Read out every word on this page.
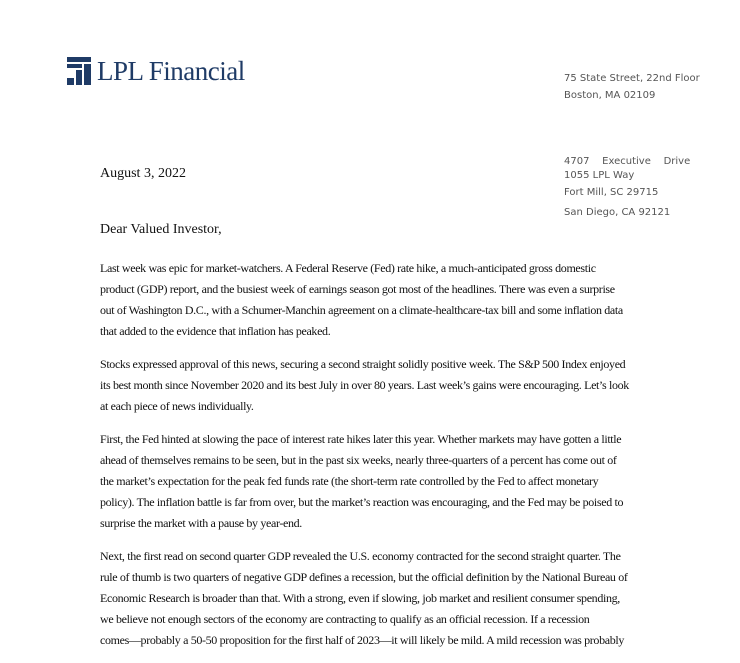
LPL Financial	75 State Street, 22nd Floor
Boston, MA 02109

4707    Executive    Drive

San Diego, CA 92121

1055 LPL Way
Fort Mill, SC 29715
August 3, 2022
Dear Valued Investor,
Last week was epic for market-watchers. A Federal Reserve (Fed) rate hike, a much-anticipated gross domestic
product (GDP) report, and the busiest week of earnings season got most of the headlines. There was even a surprise
out of Washington D.C., with a Schumer-Manchin agreement on a climate-healthcare-tax bill and some inflation data
that added to the evidence that inflation has peaked.
Stocks expressed approval of this news, securing a second straight solidly positive week. The S&P 500 Index enjoyed
its best month since November 2020 and its best July in over 80 years. Last week’s gains were encouraging. Let’s look
at each piece of news individually.
First, the Fed hinted at slowing the pace of interest rate hikes later this year. Whether markets may have gotten a little
ahead of themselves remains to be seen, but in the past six weeks, nearly three-quarters of a percent has come out of
the market’s expectation for the peak fed funds rate (the short-term rate controlled by the Fed to affect monetary
policy). The inflation battle is far from over, but the market’s reaction was encouraging, and the Fed may be poised to
surprise the market with a pause by year-end.
Next, the first read on second quarter GDP revealed the U.S. economy contracted for the second straight quarter. The
rule of thumb is two quarters of negative GDP defines a recession, but the official definition by the National Bureau of
Economic Research is broader than that. With a strong, even if slowing, job market and resilient consumer spending,
we believe not enough sectors of the economy are contracting to qualify as an official recession. If a recession
comes—probably a 50-50 proposition for the first half of 2023—it will likely be mild. A mild recession was probably
